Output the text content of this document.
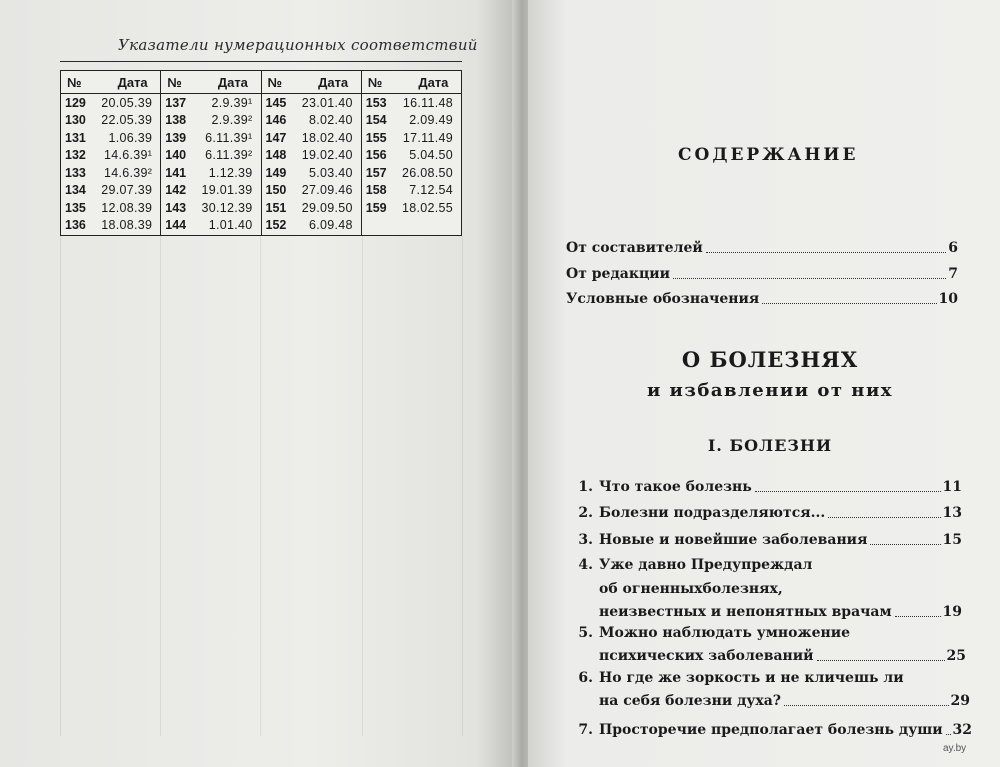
Указатели нумерационных соответствий
№	Дата
129	20.05.39
130	22.05.39
131	1.06.39
132	14.6.39¹
133	14.6.39²
134	29.07.39
135	12.08.39
136	18.08.39
№	Дата
137	2.9.39¹
138	2.9.39²
139	6.11.39¹
140	6.11.39²
141	1.12.39
142	19.01.39
143	30.12.39
144	1.01.40
№	Дата
145	23.01.40
146	8.02.40
147	18.02.40
148	19.02.40
149	5.03.40
150	27.09.46
151	29.09.50
152	6.09.48
№	Дата
153	16.11.48
154	2.09.49
155	17.11.49
156	5.04.50
157	26.08.50
158	7.12.54
159	18.02.55
СОДЕРЖАНИЕ
От составителей	6
От редакции	7
Условные обозначения	10
О БОЛЕЗНЯХ
и избавлении от них
I. БОЛЕЗНИ
1. Что такое болезнь	11
2. Болезни подразделяются...	13
3. Новые и новейшие заболевания	15
4. Уже давно Предупреждал
об огненныхболезнях,
неизвестных и непонятных врачам	19
5. Можно наблюдать умножение
психических заболеваний	25
6. Но где же зоркость и не кличешь ли
на себя болезни духа?	29
7. Просторечие предполагает болезнь души 32
ay.by
